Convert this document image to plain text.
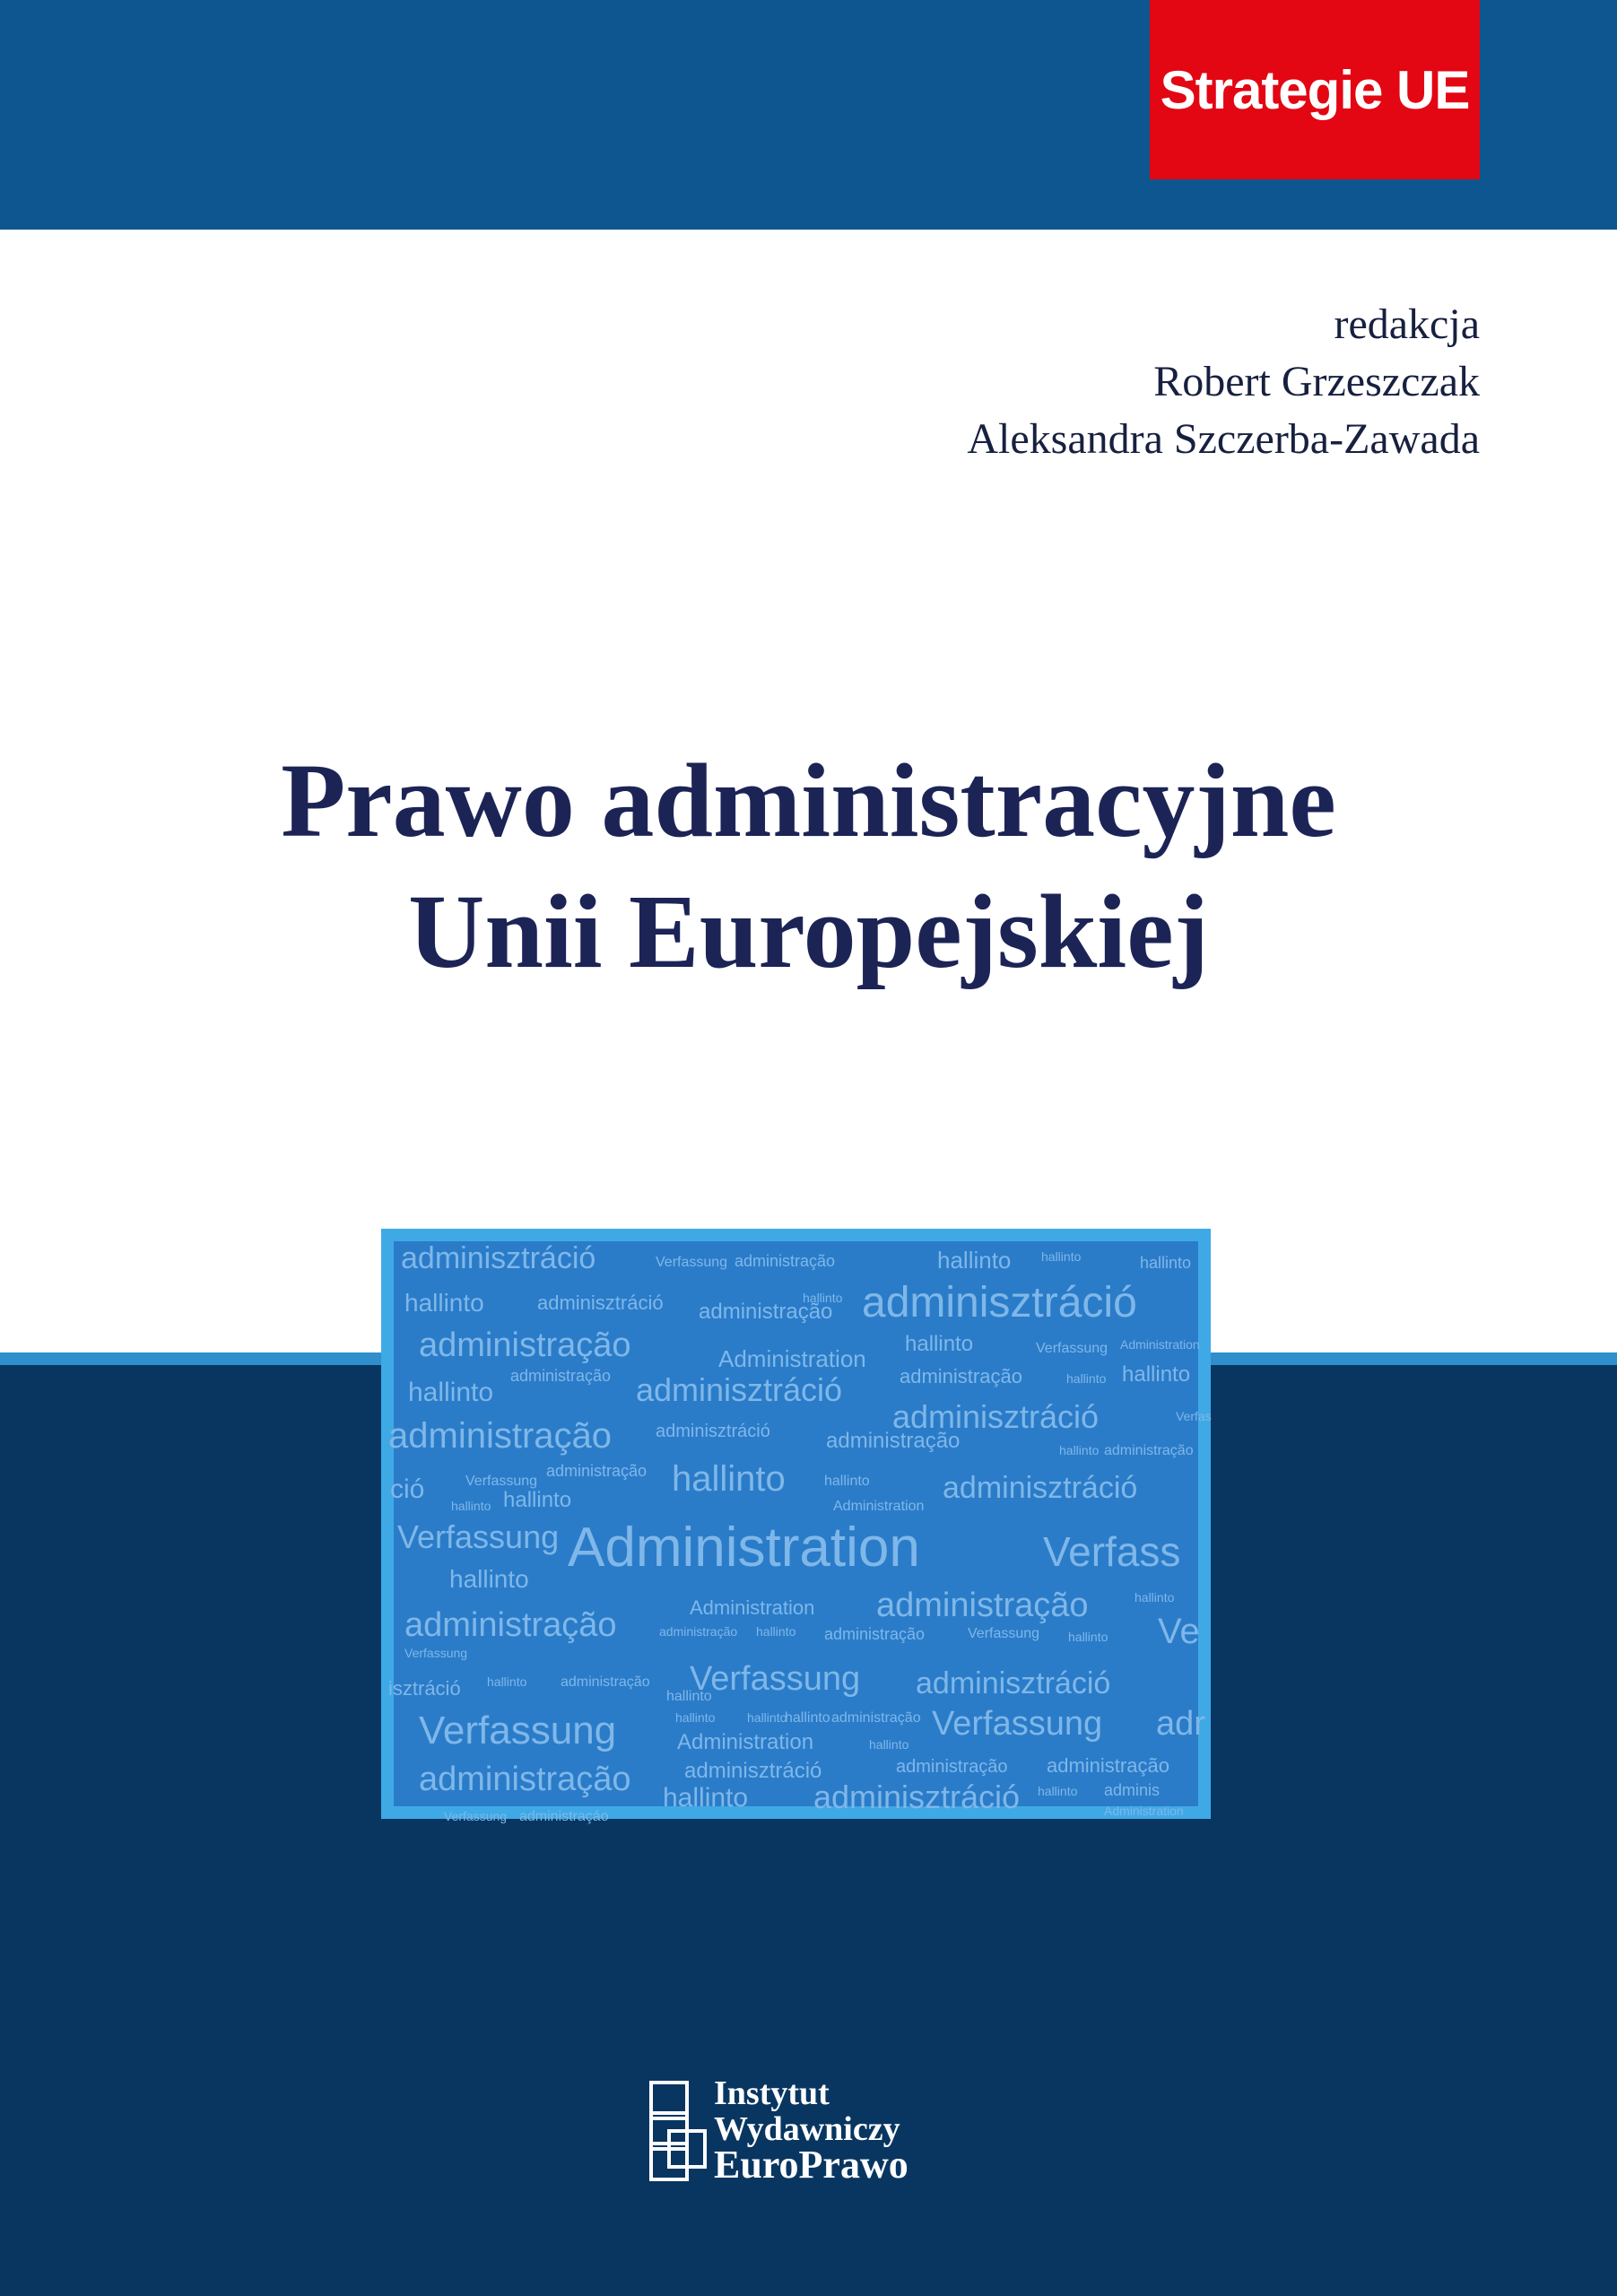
Strategie UE
redakcja
Robert Grzeszczak
Aleksandra Szczerba-Zawada
Prawo administracyjne
Unii Europejskiej
adminisztráció	Verfassung administração	hallinto hallinto	hallinto
hallinto	adminisztráció administração
hallinto adminisztráció
administração	Administration
hallinto	Verfassung Administration
hallinto
administração adminisztráció	administração	hallinto hallinto
administração adminisztráció	administração
adminisztráció
hallinto administração
Verfas
ció	Verfassung
administração
hallinto
hallinto	hallinto
Administration
adminisztráció
hallinto
Verfassung Administration	Verfass
hallinto
administração	Administration administração	hallinto
administração hallinto administração	Verfassung hallinto Ve
Verfassung
isztráció hallinto administração
hallinto
Verfassung adminisztráció
Verfassung	hallinto	hallinto
hallinto administração
Administration	hallinto
Verfassung adr
administração adminisztráció	administração administração
hallinto adminis
hallinto adminisztráció	Administration
Verfassung administraçáo
Instytut
Wydawniczy
EuroPrawo
